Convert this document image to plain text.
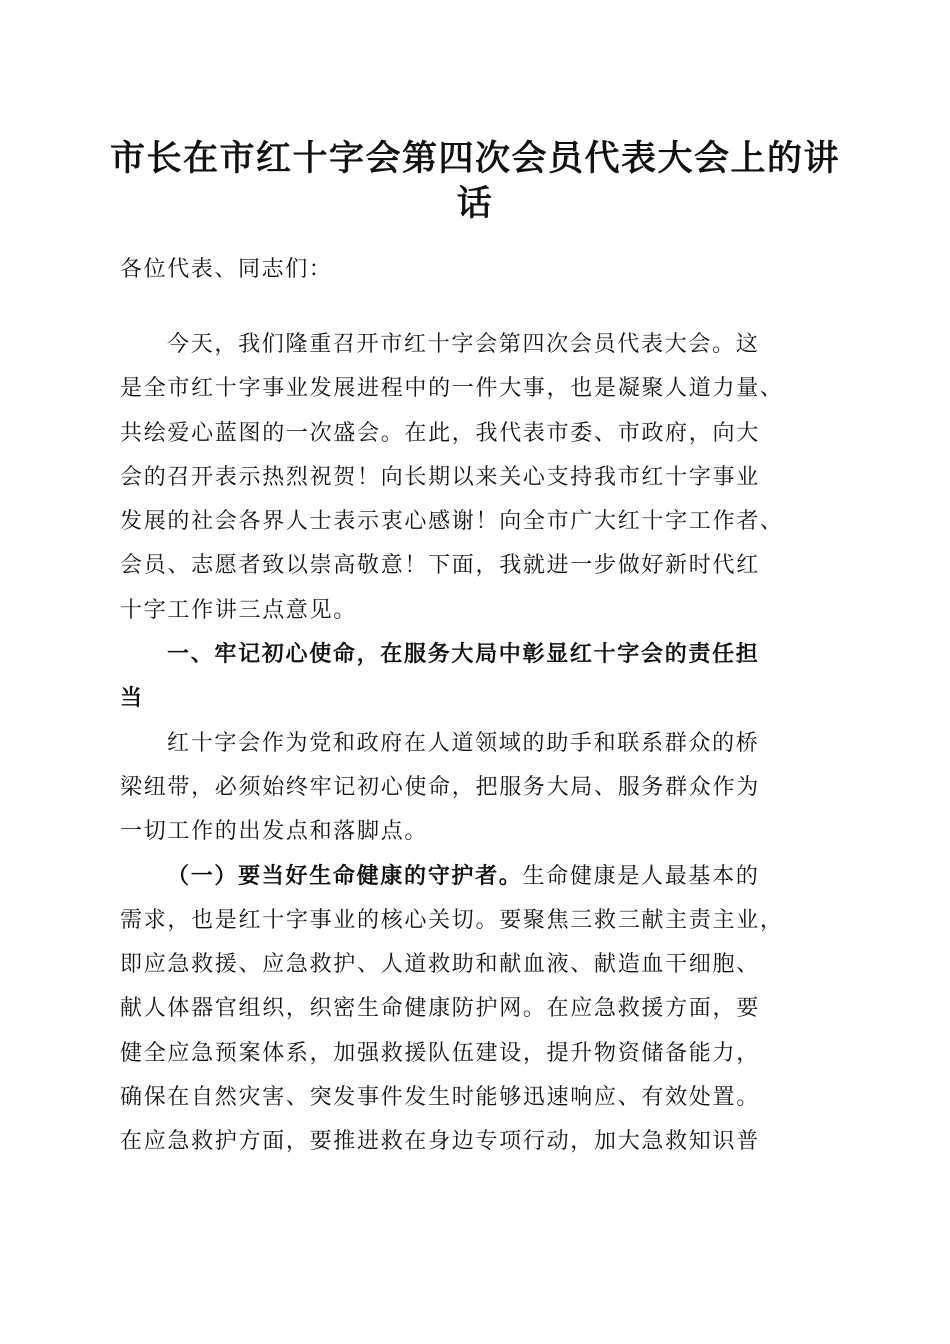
市长在市红十字会第四次会员代表大会上的讲
话
各位代表、同志们：
今天，我们隆重召开市红十字会第四次会员代表大会。这
是全市红十字事业发展进程中的一件大事，也是凝聚人道力量、
共绘爱心蓝图的一次盛会。在此，我代表市委、市政府，向大
会的召开表示热烈祝贺！向长期以来关心支持我市红十字事业
发展的社会各界人士表示衷心感谢！向全市广大红十字工作者、
会员、志愿者致以崇高敬意！下面，我就进一步做好新时代红
十字工作讲三点意见。
一、牢记初心使命，在服务大局中彰显红十字会的责任担
当
红十字会作为党和政府在人道领域的助手和联系群众的桥
梁纽带，必须始终牢记初心使命，把服务大局、服务群众作为
一切工作的出发点和落脚点。
（一）要当好生命健康的守护者。生命健康是人最基本的
需求，也是红十字事业的核心关切。要聚焦三救三献主责主业，
即应急救援、应急救护、人道救助和献血液、献造血干细胞、
献人体器官组织，织密生命健康防护网。在应急救援方面，要
健全应急预案体系，加强救援队伍建设，提升物资储备能力，
确保在自然灾害、突发事件发生时能够迅速响应、有效处置。
在应急救护方面，要推进救在身边专项行动，加大急救知识普
